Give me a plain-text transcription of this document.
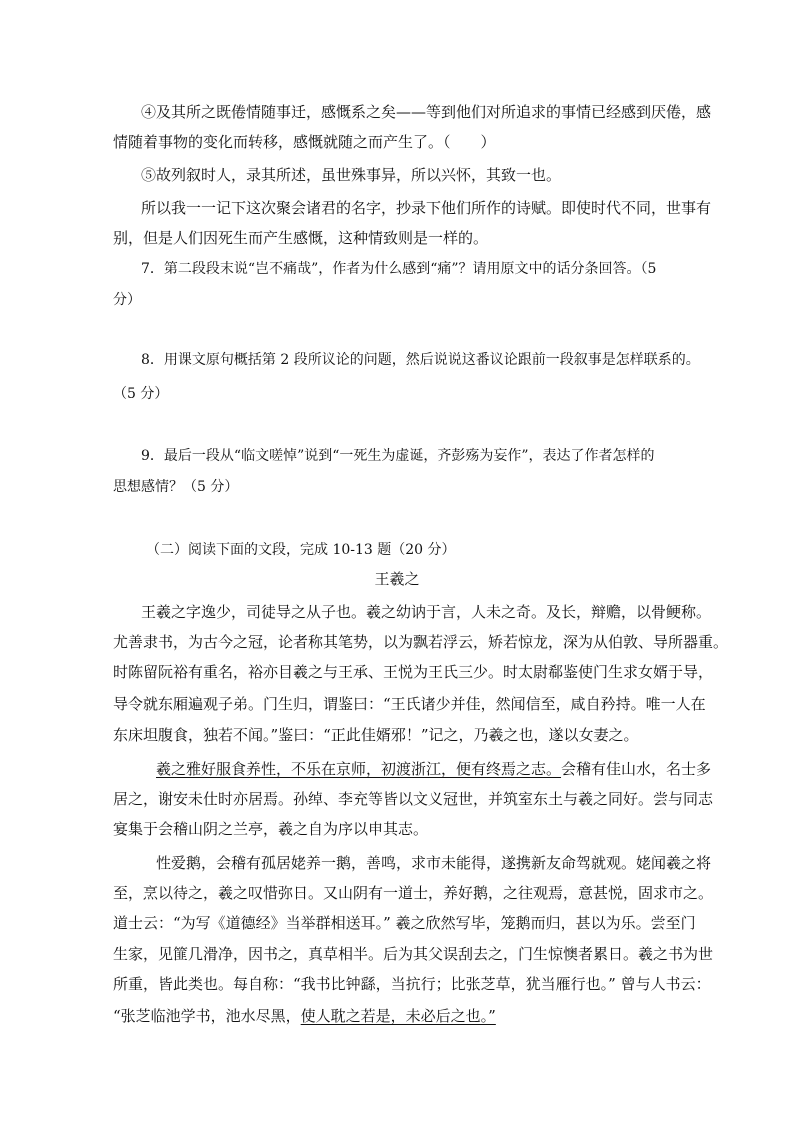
④及其所之既倦情随事迁，感慨系之矣——等到他们对所追求的事情已经感到厌倦，感
情随着事物的变化而转移，感慨就随之而产生了。（　　）
⑤故列叙时人，录其所述，虽世殊事异，所以兴怀，其致一也。
所以我一一记下这次聚会诸君的名字，抄录下他们所作的诗赋。即使时代不同，世事有
别，但是人们因死生而产生感慨，这种情致则是一样的。
7．第二段段末说“岂不痛哉”，作者为什么感到“痛”？请用原文中的话分条回答。（5
分）
8．用课文原句概括第 2 段所议论的问题，然后说说这番议论跟前一段叙事是怎样联系的。
（5 分）
9．最后一段从“临文嗟悼”说到“一死生为虚诞，齐彭殇为妄作”，表达了作者怎样的
思想感情？（5 分）
（二）阅读下面的文段，完成 10-13 题（20 分）
王羲之
王羲之字逸少，司徒导之从子也。羲之幼讷于言，人未之奇。及长，辩赡，以骨鲠称。
尤善隶书，为古今之冠，论者称其笔势，以为飘若浮云，矫若惊龙，深为从伯敦、导所器重。
时陈留阮裕有重名，裕亦目羲之与王承、王悦为王氏三少。时太尉郗鉴使门生求女婿于导，
导令就东厢遍观子弟。门生归，谓鉴曰：“王氏诸少并佳，然闻信至，咸自矜持。唯一人在
东床坦腹食，独若不闻。”鉴曰：“正此佳婿邪！”记之，乃羲之也，遂以女妻之。
羲之雅好服食养性，不乐在京师，初渡浙江，便有终焉之志。会稽有佳山水，名士多
居之，谢安未仕时亦居焉。孙绰、李充等皆以文义冠世，并筑室东土与羲之同好。尝与同志
宴集于会稽山阴之兰亭，羲之自为序以申其志。
性爱鹅，会稽有孤居姥养一鹅，善鸣，求市未能得，遂携新友命驾就观。姥闻羲之将
至，烹以待之，羲之叹惜弥日。又山阴有一道士，养好鹅，之往观焉，意甚悦，固求市之。
道士云：“为写《道德经》当举群相送耳。” 羲之欣然写毕，笼鹅而归，甚以为乐。尝至门
生家，见篚几滑净，因书之，真草相半。后为其父误刮去之，门生惊懊者累日。羲之书为世
所重，皆此类也。每自称：“我书比钟繇，当抗行；比张芝草，犹当雁行也。” 曾与人书云：
“张芝临池学书，池水尽黑，使人耽之若是，未必后之也。”
